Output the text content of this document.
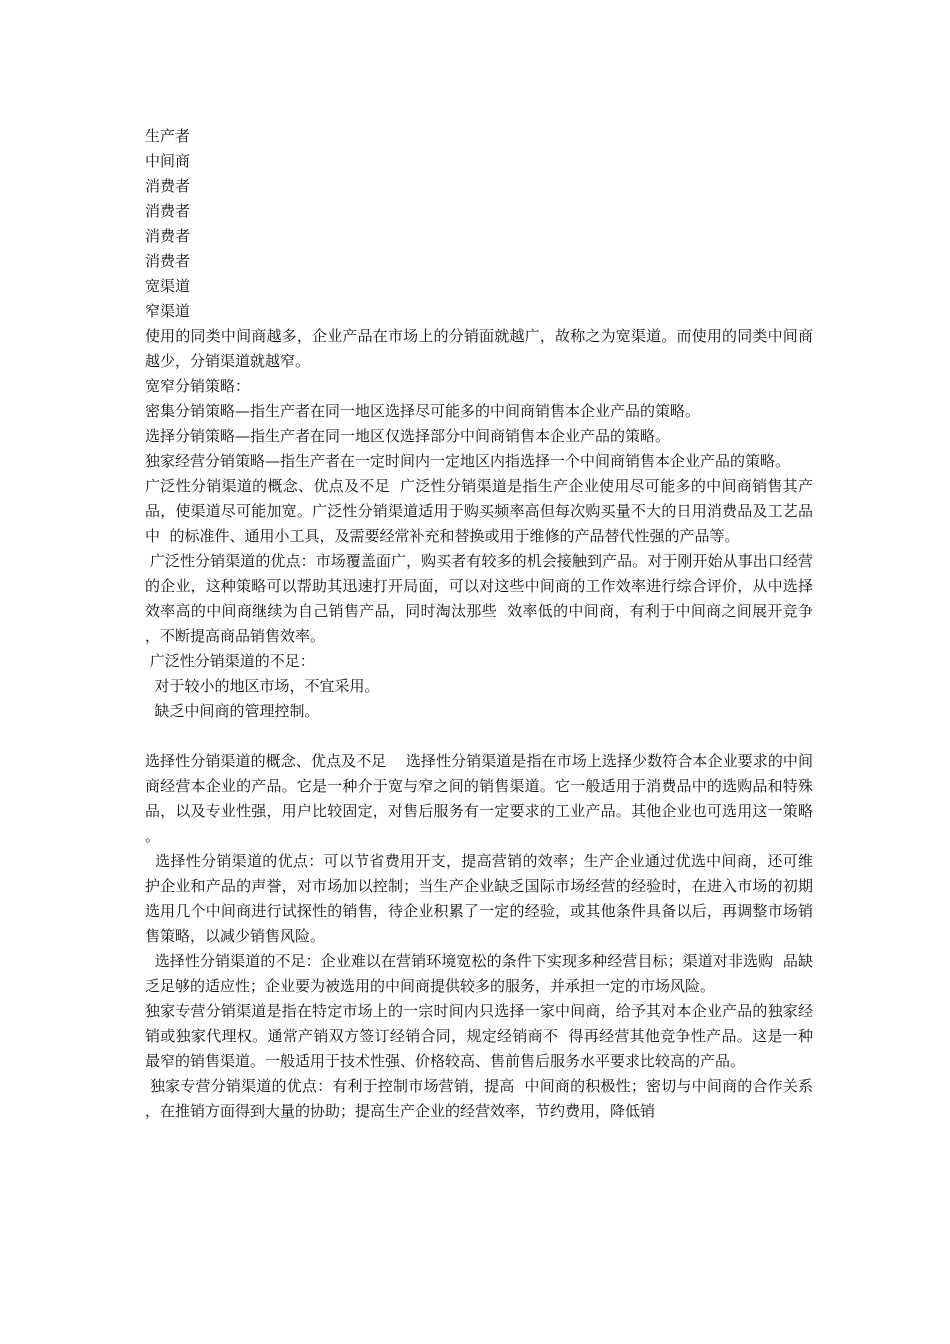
生产者

中间商

消费者

消费者

消费者

消费者

宽渠道

窄渠道

使用的同类中间商越多，企业产品在市场上的分销面就越广，故称之为宽渠道。而使用的同类中间商越少，分销渠道就越窄。

宽窄分销策略：

密集分销策略—指生产者在同一地区选择尽可能多的中间商销售本企业产品的策略。

选择分销策略—指生产者在同一地区仅选择部分中间商销售本企业产品的策略。

独家经营分销策略—指生产者在一定时间内一定地区内指选择一个中间商销售本企业产品的策略。

广泛性分销渠道的概念、优点及不足  广泛性分销渠道是指生产企业使用尽可能多的中间商销售其产品，使渠道尽可能加宽。广泛性分销渠道适用于购买频率高但每次购买量不大的日用消费品及工艺品中  的标准件、通用小工具，及需要经常补充和替换或用于维修的产品替代性强的产品等。

广泛性分销渠道的优点：市场覆盖面广，购买者有较多的机会接触到产品。对于刚开始从事出口经营的企业，这种策略可以帮助其迅速打开局面，可以对这些中间商的工作效率进行综合评价，从中选择效率高的中间商继续为自己销售产品，同时淘汰那些  效率低的中间商，有利于中间商之间展开竞争，不断提高商品销售效率。

广泛性分销渠道的不足：

对于较小的地区市场，不宜采用。

缺乏中间商的管理控制。

选择性分销渠道的概念、优点及不足    选择性分销渠道是指在市场上选择少数符合本企业要求的中间商经营本企业的产品。它是一种介于宽与窄之间的销售渠道。它一般适用于消费品中的选购品和特殊品，以及专业性强，用户比较固定，对售后服务有一定要求的工业产品。其他企业也可选用这一策略。

选择性分销渠道的优点：可以节省费用开支，提高营销的效率；生产企业通过优选中间商，还可维护企业和产品的声誉，对市场加以控制；当生产企业缺乏国际市场经营的经验时，在进入市场的初期选用几个中间商进行试探性的销售，待企业积累了一定的经验，或其他条件具备以后，再调整市场销售策略，以减少销售风险。

选择性分销渠道的不足：企业难以在营销环境宽松的条件下实现多种经营目标；渠道对非选购  品缺乏足够的适应性；企业要为被选用的中间商提供较多的服务，并承担一定的市场风险。

独家专营分销渠道是指在特定市场上的一宗时间内只选择一家中间商，给予其对本企业产品的独家经销或独家代理权。通常产销双方签订经销合同，规定经销商不  得再经营其他竞争性产品。这是一种最窄的销售渠道。一般适用于技术性强、价格较高、售前售后服务水平要求比较高的产品。

独家专营分销渠道的优点：有利于控制市场营销，提高  中间商的积极性；密切与中间商的合作关系，在推销方面得到大量的协助；提高生产企业的经营效率，节约费用，降低销
